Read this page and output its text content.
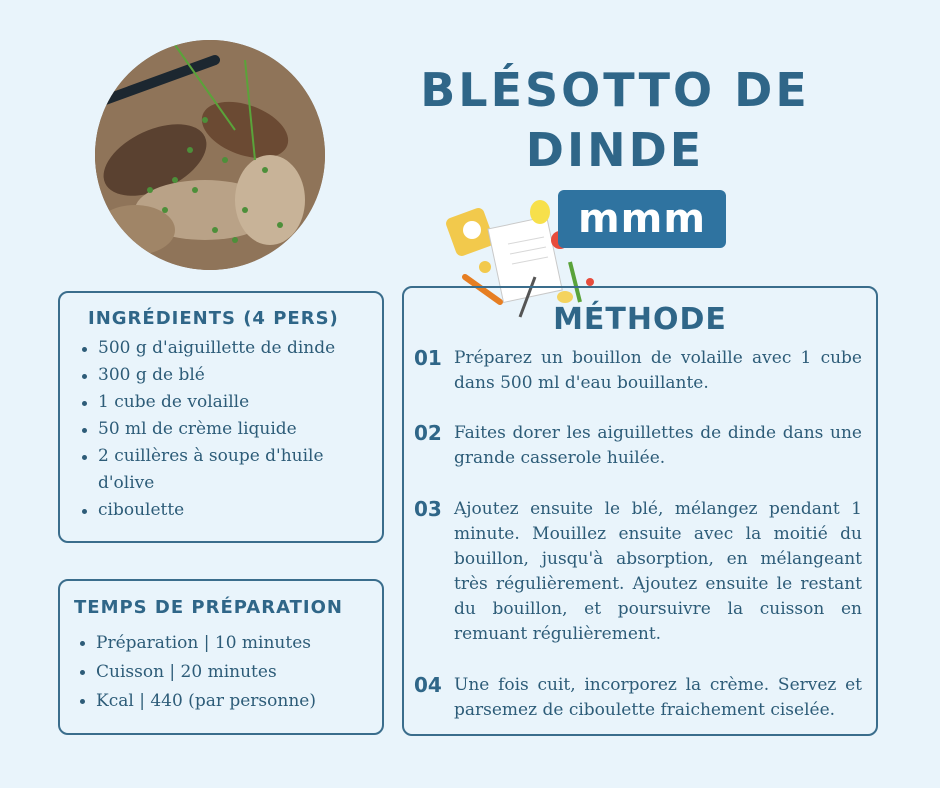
BLÉSOTTO DE DINDE
mmm
INGRÉDIENTS (4 PERS)
500 g d'aiguillette de dinde
300 g de blé
1 cube de volaille
50 ml de crème liquide
2 cuillères à soupe d'huile d'olive
ciboulette
TEMPS DE PRÉPARATION
Préparation | 10 minutes
Cuisson | 20 minutes
Kcal | 440 (par personne)
MÉTHODE
01 Préparez un bouillon de volaille avec 1 cube dans 500 ml d'eau bouillante.
02 Faites dorer les aiguillettes de dinde dans une grande casserole huilée.
03 Ajoutez ensuite le blé, mélangez pendant 1 minute. Mouillez ensuite avec la moitié du bouillon, jusqu'à absorption, en mélangeant très régulièrement. Ajoutez ensuite le restant du bouillon, et poursuivre la cuisson en remuant régulièrement.
04 Une fois cuit, incorporez la crème. Servez et parsemez de ciboulette fraichement ciselée.
